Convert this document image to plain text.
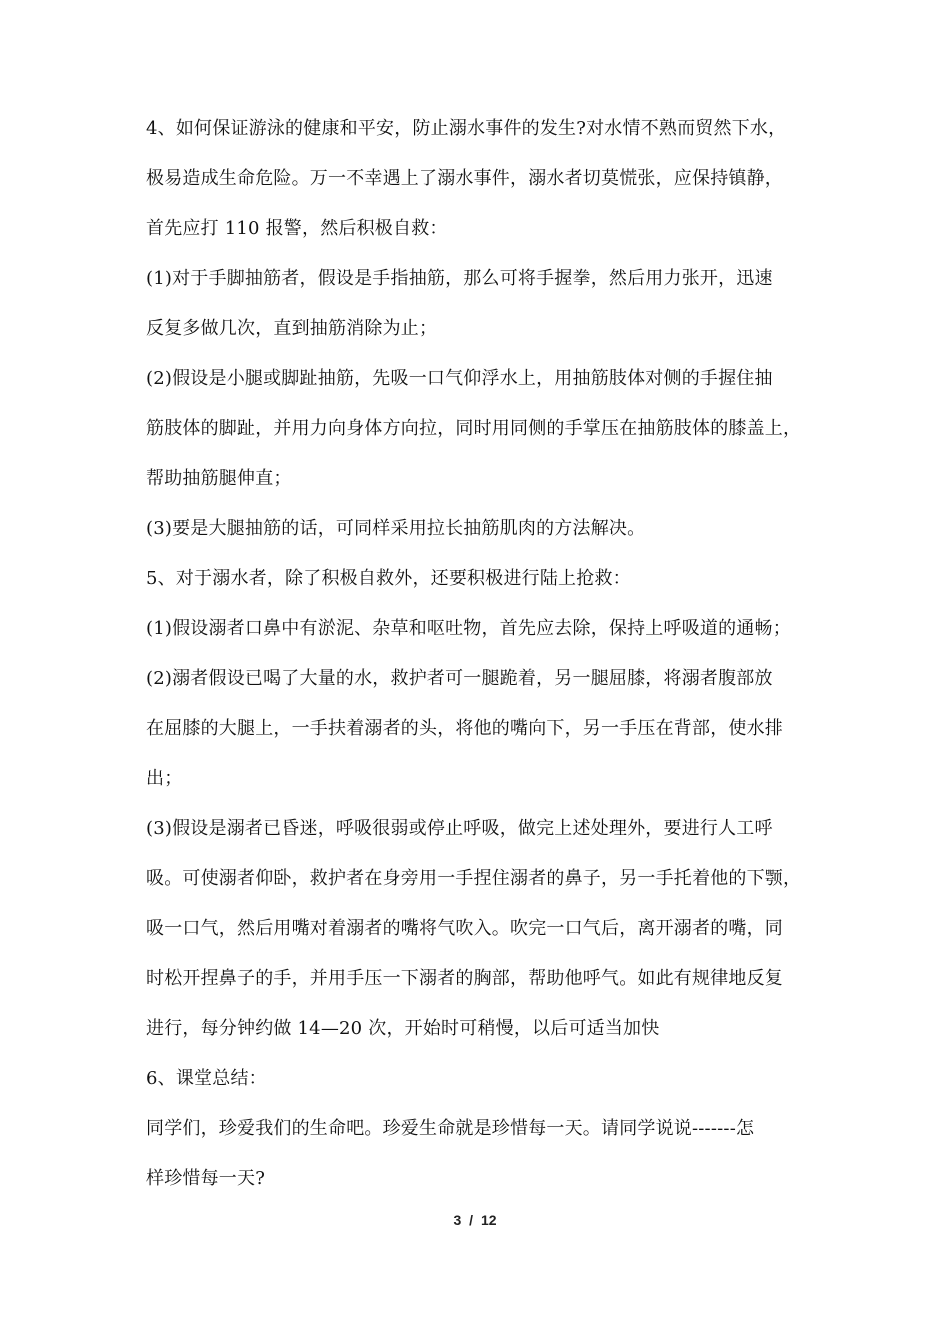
4、如何保证游泳的健康和平安，防止溺水事件的发生?对水情不熟而贸然下水，
极易造成生命危险。万一不幸遇上了溺水事件，溺水者切莫慌张，应保持镇静，
首先应打 110 报警，然后积极自救：
(1)对于手脚抽筋者，假设是手指抽筋，那么可将手握拳，然后用力张开，迅速
反复多做几次，直到抽筋消除为止；
(2)假设是小腿或脚趾抽筋，先吸一口气仰浮水上，用抽筋肢体对侧的手握住抽
筋肢体的脚趾，并用力向身体方向拉，同时用同侧的手掌压在抽筋肢体的膝盖上，
帮助抽筋腿伸直；
(3)要是大腿抽筋的话，可同样采用拉长抽筋肌肉的方法解决。
5、对于溺水者，除了积极自救外，还要积极进行陆上抢救：
(1)假设溺者口鼻中有淤泥、杂草和呕吐物，首先应去除，保持上呼吸道的通畅；
(2)溺者假设已喝了大量的水，救护者可一腿跪着，另一腿屈膝，将溺者腹部放
在屈膝的大腿上，一手扶着溺者的头，将他的嘴向下，另一手压在背部，使水排
出；
(3)假设是溺者已昏迷，呼吸很弱或停止呼吸，做完上述处理外，要进行人工呼
吸。可使溺者仰卧，救护者在身旁用一手捏住溺者的鼻子，另一手托着他的下颚，
吸一口气，然后用嘴对着溺者的嘴将气吹入。吹完一口气后，离开溺者的嘴，同
时松开捏鼻子的手，并用手压一下溺者的胸部，帮助他呼气。如此有规律地反复
进行，每分钟约做 14—20 次，开始时可稍慢，以后可适当加快
6、课堂总结：
同学们，珍爱我们的生命吧。珍爱生命就是珍惜每一天。请同学说说-------怎
样珍惜每一天?
3 / 12
